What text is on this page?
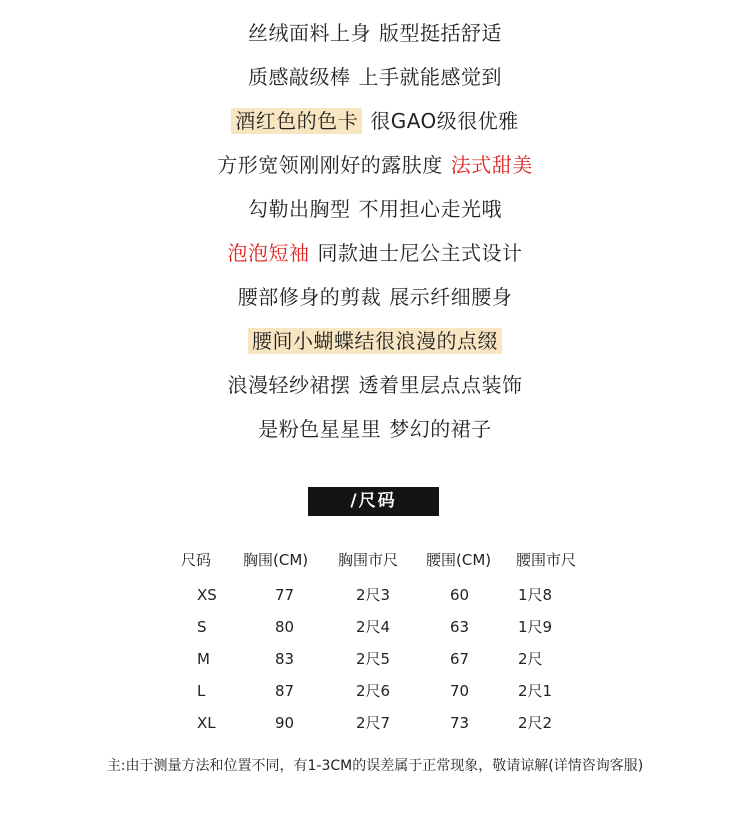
丝绒面料上身 版型挺括舒适
质感敲级棒 上手就能感觉到
酒红色的色卡 很GAO级很优雅
方形宽领刚刚好的露肤度 法式甜美
勾勒出胸型 不用担心走光哦
泡泡短袖 同款迪士尼公主式设计
腰部修身的剪裁 展示纤细腰身
腰间小蝴蝶结很浪漫的点缀
浪漫轻纱裙摆 透着里层点点装饰
是粉色星星里 梦幻的裙子
/尺码
尺码 胸围(CM) 胸围市尺 腰围(CM) 腰围市尺
XS	77	2尺3	60	1尺8
S	80	2尺4	63	1尺9
M	83	2尺5	67	2尺
L	87	2尺6	70	2尺1
XL	90	2尺7	73	2尺2
主:由于测量方法和位置不同，有1-3CM的误差属于正常现象，敬请谅解(详情咨询客服)
